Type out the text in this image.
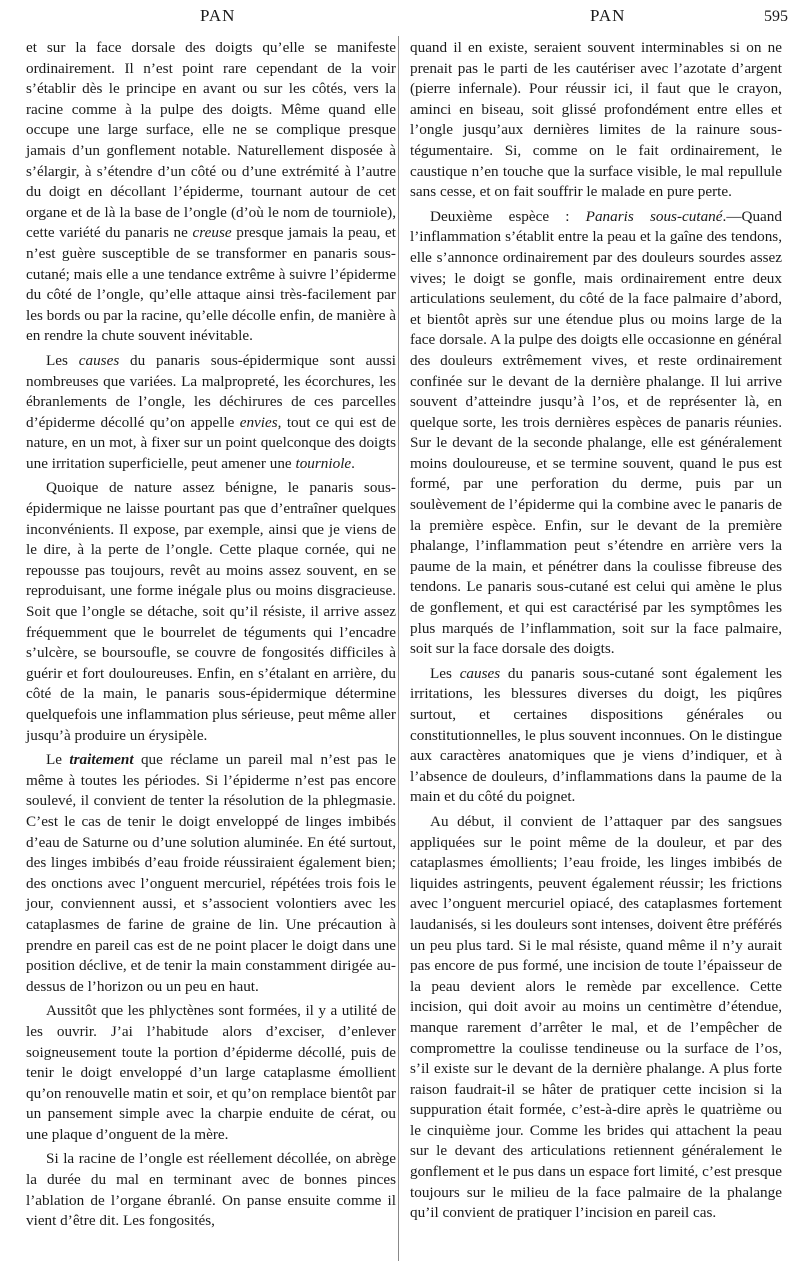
PAN	PAN	595

et sur la face dorsale des doigts qu’elle se manifeste ordinairement. Il n’est point rare cependant de la voir s’établir dès le principe en avant ou sur les côtés, vers la racine comme à la pulpe des doigts. Même quand elle occupe une large surface, elle ne se complique presque jamais d’un gonflement notable. Naturellement disposée à s’élargir, à s’étendre d’un côté ou d’une extrémité à l’autre du doigt en décollant l’épiderme, tournant autour de cet organe et de là la base de l’ongle (d’où le nom de tourniole), cette variété du panaris ne creuse presque jamais la peau, et n’est guère susceptible de se transformer en panaris sous-cutané; mais elle a une tendance extrême à suivre l’épiderme du côté de l’ongle, qu’elle attaque ainsi très-facilement par les bords ou par la racine, qu’elle décolle enfin, de manière à en rendre la chute souvent inévitable.

Les causes du panaris sous-épidermique sont aussi nombreuses que variées. La malpropreté, les écorchures, les ébranlements de l’ongle, les déchirures de ces parcelles d’épiderme décollé qu’on appelle envies, tout ce qui est de nature, en un mot, à fixer sur un point quelconque des doigts une irritation superficielle, peut amener une tourniole.

Quoique de nature assez bénigne, le panaris sous-épidermique ne laisse pourtant pas que d’entraîner quelques inconvénients. Il expose, par exemple, ainsi que je viens de le dire, à la perte de l’ongle. Cette plaque cornée, qui ne repousse pas toujours, revêt au moins assez souvent, en se reproduisant, une forme inégale plus ou moins disgracieuse. Soit que l’ongle se détache, soit qu’il résiste, il arrive assez fréquemment que le bourrelet de téguments qui l’encadre s’ulcère, se boursoufle, se couvre de fongosités difficiles à guérir et fort douloureuses. Enfin, en s’étalant en arrière, du côté de la main, le panaris sous-épidermique détermine quelquefois une inflammation plus sérieuse, peut même aller jusqu’à produire un érysipèle.

Le traitement que réclame un pareil mal n’est pas le même à toutes les périodes. Si l’épiderme n’est pas encore soulevé, il convient de tenter la résolution de la phlegmasie. C’est le cas de tenir le doigt enveloppé de linges imbibés d’eau de Saturne ou d’une solution aluminée. En été surtout, des linges imbibés d’eau froide réussiraient également bien; des onctions avec l’onguent mercuriel, répétées trois fois le jour, conviennent aussi, et s’associent volontiers avec les cataplasmes de farine de graine de lin. Une précaution à prendre en pareil cas est de ne point placer le doigt dans une position déclive, et de tenir la main constamment dirigée au-dessus de l’horizon ou un peu en haut.

Aussitôt que les phlyctènes sont formées, il y a utilité de les ouvrir. J’ai l’habitude alors d’exciser, d’enlever soigneusement toute la portion d’épiderme décollé, puis de tenir le doigt enveloppé d’un large cataplasme émollient qu’on renouvelle matin et soir, et qu’on remplace bientôt par un pansement simple avec la charpie enduite de cérat, ou une plaque d’onguent de la mère.

Si la racine de l’ongle est réellement décollée, on abrège la durée du mal en terminant avec de bonnes pinces l’ablation de l’organe ébranlé. On panse ensuite comme il vient d’être dit. Les fongosités,

quand il en existe, seraient souvent interminables si on ne prenait pas le parti de les cautériser avec l’azotate d’argent (pierre infernale). Pour réussir ici, il faut que le crayon, aminci en biseau, soit glissé profondément entre elles et l’ongle jusqu’aux dernières limites de la rainure sous-tégumentaire. Si, comme on le fait ordinairement, le caustique n’en touche que la surface visible, le mal repullule sans cesse, et on fait souffrir le malade en pure perte.

Deuxième espèce : Panaris sous-cutané.—Quand l’inflammation s’établit entre la peau et la gaîne des tendons, elle s’annonce ordinairement par des douleurs sourdes assez vives; le doigt se gonfle, mais ordinairement entre deux articulations seulement, du côté de la face palmaire d’abord, et bientôt après sur une étendue plus ou moins large de la face dorsale. A la pulpe des doigts elle occasionne en général des douleurs extrêmement vives, et reste ordinairement confinée sur le devant de la dernière phalange. Il lui arrive souvent d’atteindre jusqu’à l’os, et de représenter là, en quelque sorte, les trois dernières espèces de panaris réunies. Sur le devant de la seconde phalange, elle est généralement moins douloureuse, et se termine souvent, quand le pus est formé, par une perforation du derme, puis par un soulèvement de l’épiderme qui la combine avec le panaris de la première espèce. Enfin, sur le devant de la première phalange, l’inflammation peut s’étendre en arrière vers la paume de la main, et pénétrer dans la coulisse fibreuse des tendons. Le panaris sous-cutané est celui qui amène le plus de gonflement, et qui est caractérisé par les symptômes les plus marqués de l’inflammation, soit sur la face palmaire, soit sur la face dorsale des doigts.

Les causes du panaris sous-cutané sont également les irritations, les blessures diverses du doigt, les piqûres surtout, et certaines dispositions générales ou constitutionnelles, le plus souvent inconnues. On le distingue aux caractères anatomiques que je viens d’indiquer, et à l’absence de douleurs, d’inflammations dans la paume de la main et du côté du poignet.

Au début, il convient de l’attaquer par des sangsues appliquées sur le point même de la douleur, et par des cataplasmes émollients; l’eau froide, les linges imbibés de liquides astringents, peuvent également réussir; les frictions avec l’onguent mercuriel opiacé, des cataplasmes fortement laudanisés, si les douleurs sont intenses, doivent être préférés un peu plus tard. Si le mal résiste, quand même il n’y aurait pas encore de pus formé, une incision de toute l’épaisseur de la peau devient alors le remède par excellence. Cette incision, qui doit avoir au moins un centimètre d’étendue, manque rarement d’arrêter le mal, et de l’empêcher de compromettre la coulisse tendineuse ou la surface de l’os, s’il existe sur le devant de la dernière phalange. A plus forte raison faudrait-il se hâter de pratiquer cette incision si la suppuration était formée, c’est-à-dire après le quatrième ou le cinquième jour. Comme les brides qui attachent la peau sur le devant des articulations retiennent généralement le gonflement et le pus dans un espace fort limité, c’est presque toujours sur le milieu de la face palmaire de la phalange qu’il convient de pratiquer l’incision en pareil cas.
